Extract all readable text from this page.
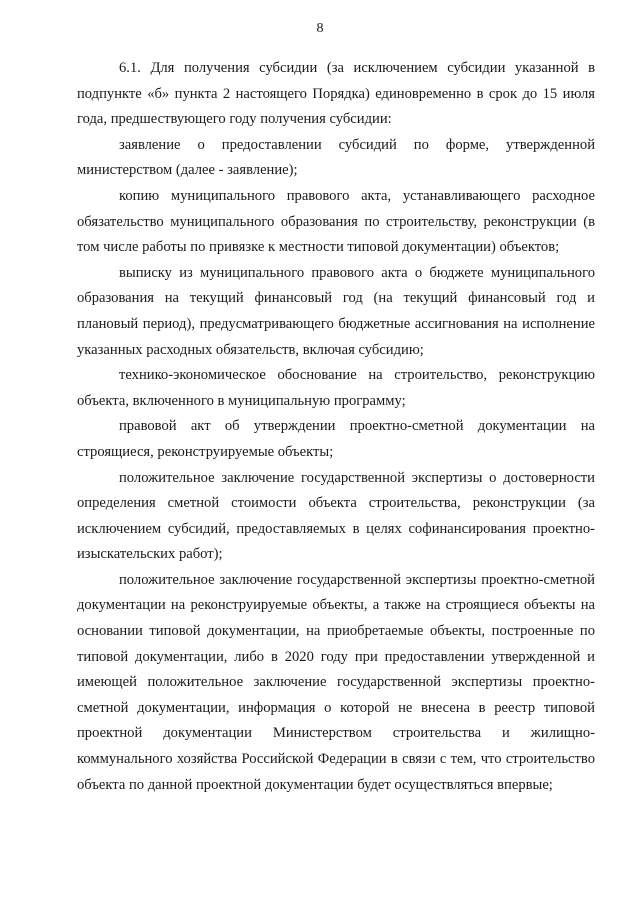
8

6.1. Для получения субсидии (за исключением субсидии указанной в подпункте «б» пункта 2 настоящего Порядка) единовременно в срок до 15 июля года, предшествующего году получения субсидии:

заявление о предоставлении субсидий по форме, утвержденной министерством (далее - заявление);

копию муниципального правового акта, устанавливающего расходное обязательство муниципального образования по строительству, реконструкции (в том числе работы по привязке к местности типовой документации) объектов;

выписку из муниципального правового акта о бюджете муниципального образования на текущий финансовый год (на текущий финансовый год и плановый период), предусматривающего бюджетные ассигнования на исполнение указанных расходных обязательств, включая субсидию;

технико-экономическое обоснование на строительство, реконструкцию объекта, включенного в муниципальную программу;

правовой акт об утверждении проектно-сметной документации на строящиеся, реконструируемые объекты;

положительное заключение государственной экспертизы о достоверности определения сметной стоимости объекта строительства, реконструкции (за исключением субсидий, предоставляемых в целях софинансирования проектно-изыскательских работ);

положительное заключение государственной экспертизы проектно-сметной документации на реконструируемые объекты, а также на строящиеся объекты на основании типовой документации, на приобретаемые объекты, построенные по типовой документации, либо в 2020 году при предоставлении утвержденной и имеющей положительное заключение государственной экспертизы проектно-сметной документации, информация о которой не внесена в реестр типовой проектной документации Министерством строительства и жилищно-коммунального хозяйства Российской Федерации в связи с тем, что строительство объекта по данной проектной документации будет осуществляться впервые;
